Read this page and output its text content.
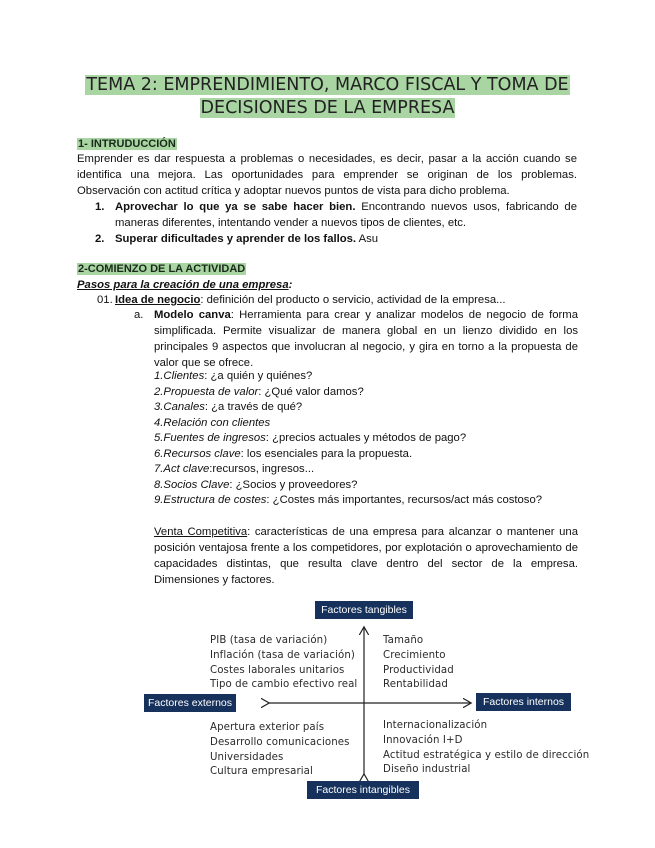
TEMA 2: EMPRENDIMIENTO, MARCO FISCAL Y TOMA DE
DECISIONES DE LA EMPRESA
1- INTRUDUCCIÓN

Emprender es dar respuesta a problemas o necesidades, es decir, pasar a la acción cuando se identifica una mejora. Las oportunidades para emprender se originan de los problemas. Observación con actitud crítica y adoptar nuevos puntos de vista para dicho problema.

1. Aprovechar lo que ya se sabe hacer bien. Encontrando nuevos usos, fabricando de maneras diferentes, intentando vender a nuevos tipos de clientes, etc.
2. Superar dificultades y aprender de los fallos. Asu
2-COMIENZO DE LA ACTIVIDAD
Pasos para la creación de una empresa:
01. Idea de negocio: definición del producto o servicio, actividad de la empresa...
a. Modelo canva: Herramienta para crear y analizar modelos de negocio de forma simplificada. Permite visualizar de manera global en un lienzo dividido en los principales 9 aspectos que involucran al negocio, y gira en torno a la propuesta de valor que se ofrece.
1.Clientes: ¿a quién y quiénes?
2.Propuesta de valor: ¿Qué valor damos?
3.Canales: ¿a través de qué?
4.Relación con clientes
5.Fuentes de ingresos: ¿precios actuales y métodos de pago?
6.Recursos clave: los esenciales para la propuesta.
7.Act clave:recursos, ingresos...
8.Socios Clave: ¿Socios y proveedores?
9.Estructura de costes: ¿Costes más importantes, recursos/act más costoso?
Venta Competitiva: características de una empresa para alcanzar o mantener una posición ventajosa frente a los competidores, por explotación o aprovechamiento de capacidades distintas, que resulta clave dentro del sector de la empresa. Dimensiones y factores.
Factores tangibles
Factores intangibles
Factores externos	Factores internos
PIB (tasa de variación)
Inflación (tasa de variación)
Costes laborales unitarios
Tipo de cambio efectivo real
Tamaño
Crecimiento
Productividad
Rentabilidad
Apertura exterior país
Desarrollo comunicaciones
Universidades
Cultura empresarial
Internacionalización
Innovación I+D
Actitud estratégica y estilo de dirección
Diseño industrial
